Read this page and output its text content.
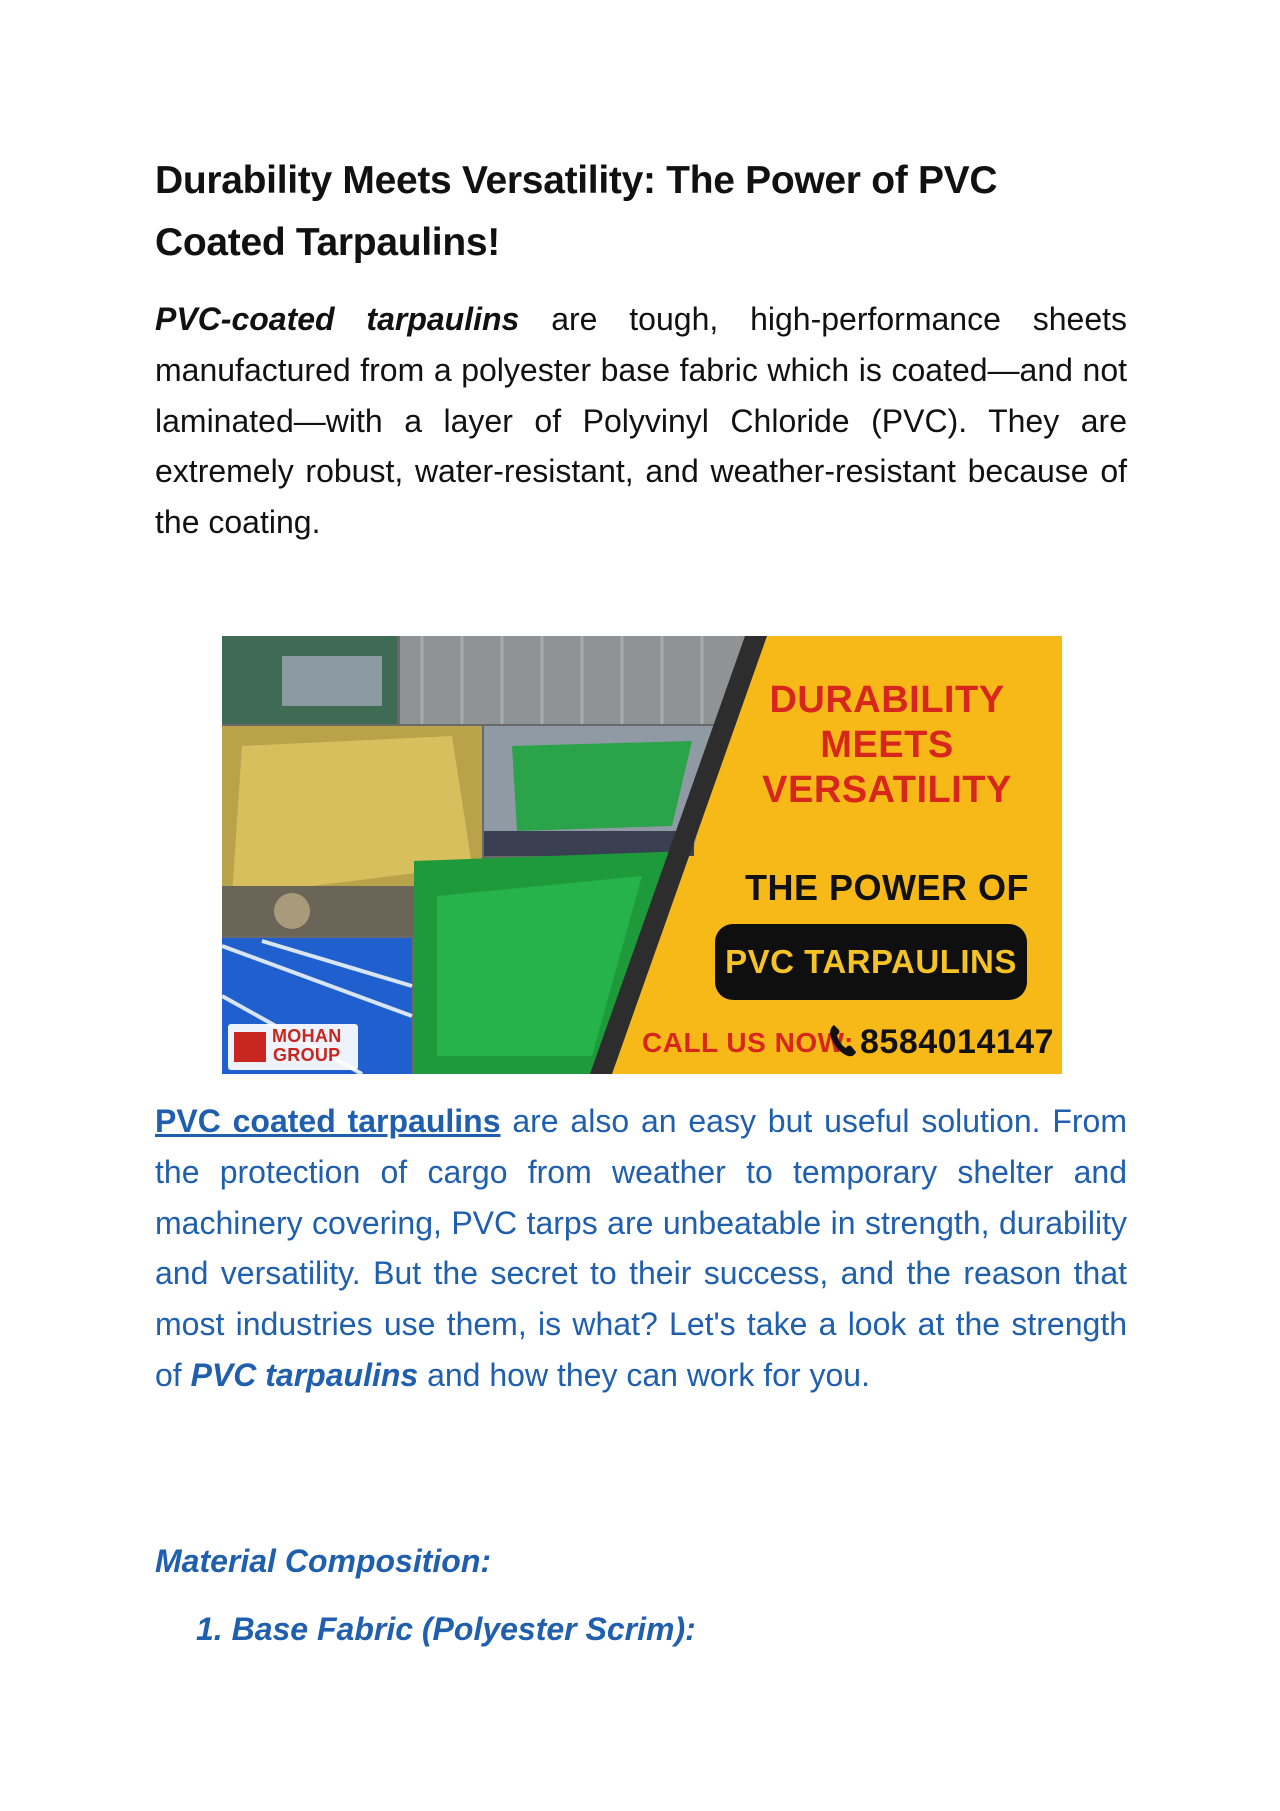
Durability Meets Versatility: The Power of PVC Coated Tarpaulins!

PVC-coated tarpaulins are tough, high-performance sheets manufactured from a polyester base fabric which is coated—and not laminated—with a layer of Polyvinyl Chloride (PVC). They are extremely robust, water-resistant, and weather-resistant because of the coating.

DURABILITY
MEETS
VERSATILITY
THE POWER OF
PVC TARPAULINS
CALL US NOW: 8584014147
MOHAN
GROUP

PVC coated tarpaulins are also an easy but useful solution. From the protection of cargo from weather to temporary shelter and machinery covering, PVC tarps are unbeatable in strength, durability and versatility. But the secret to their success, and the reason that most industries use them, is what? Let's take a look at the strength of PVC tarpaulins and how they can work for you.

Material Composition:

1. Base Fabric (Polyester Scrim):
